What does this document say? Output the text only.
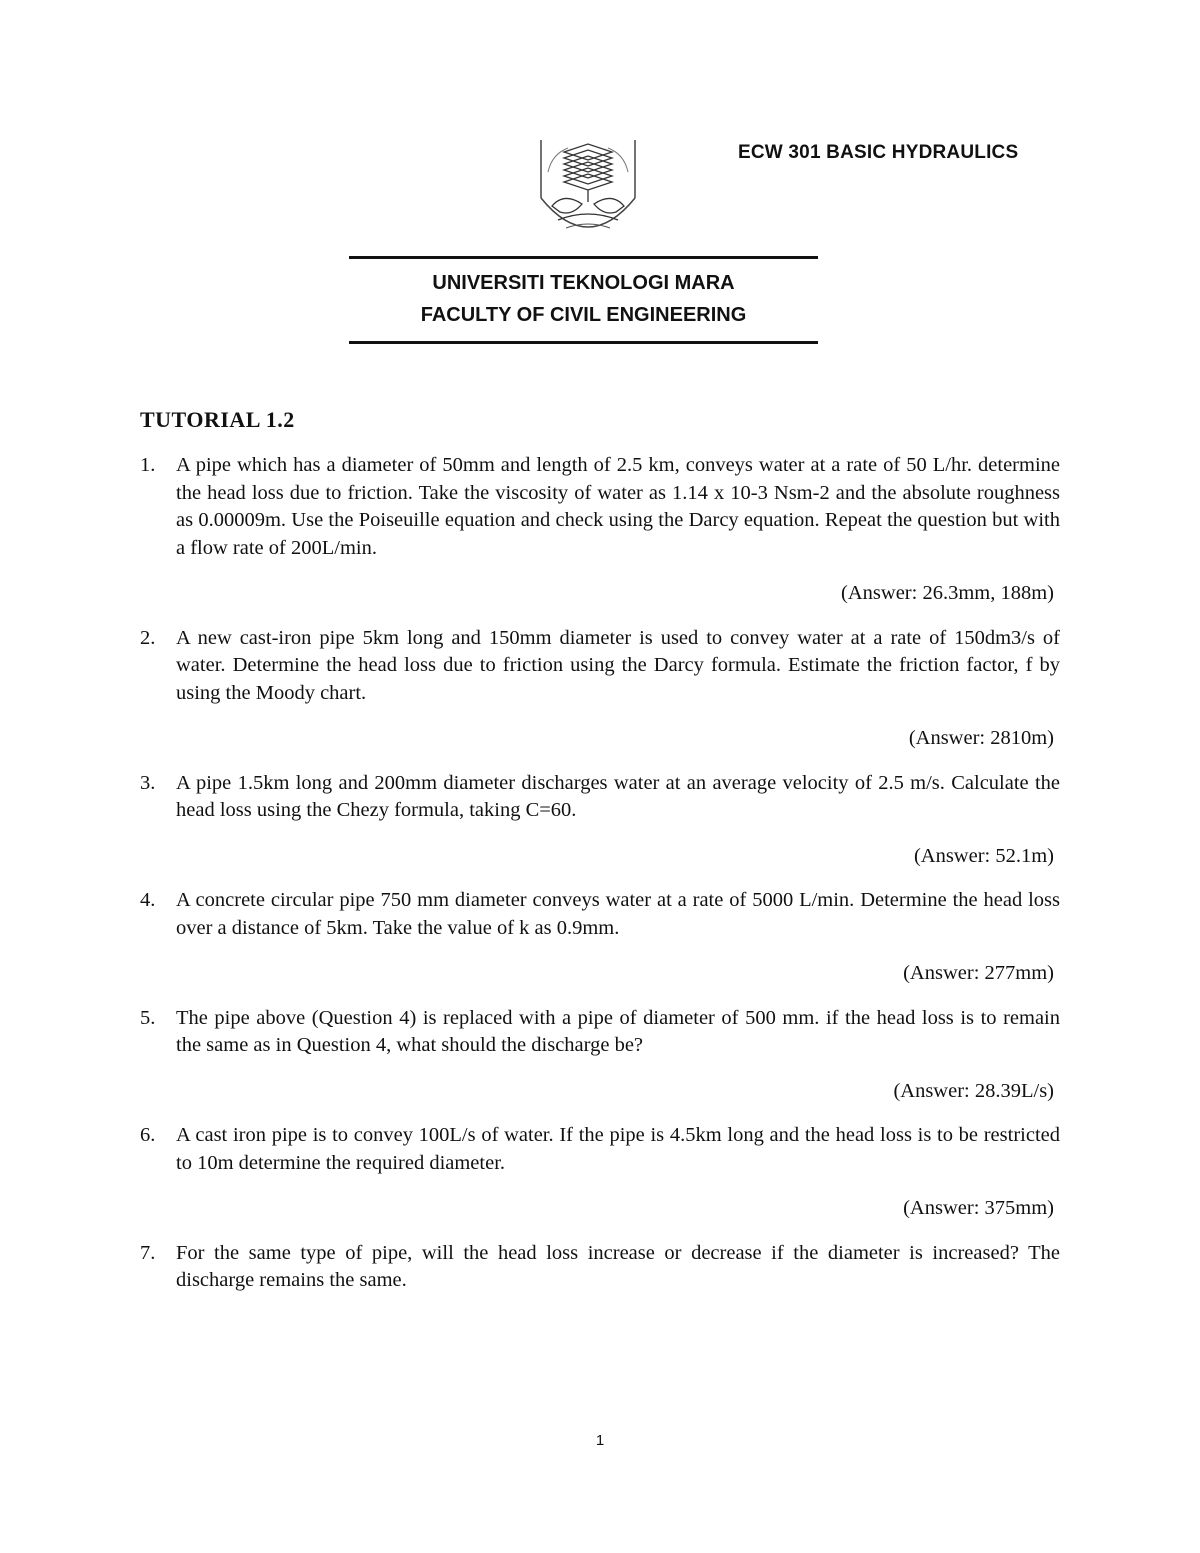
ECW 301 BASIC HYDRAULICS
UNIVERSITI TEKNOLOGI MARA
FACULTY OF CIVIL ENGINEERING
TUTORIAL 1.2
1.	A pipe which has a diameter of 50mm and length of 2.5 km, conveys water at a rate of 50 L/hr. determine the head loss due to friction. Take the viscosity of water as 1.14 x 10-3 Nsm-2 and the absolute roughness as 0.00009m. Use the Poiseuille equation and check using the Darcy equation. Repeat the question but with a flow rate of 200L/min.
(Answer: 26.3mm, 188m)
2.	A new cast-iron pipe 5km long and 150mm diameter is used to convey water at a rate of 150dm3/s of water. Determine the head loss due to friction using the Darcy formula. Estimate the friction factor, f by using the Moody chart.
(Answer: 2810m)
3.	A pipe 1.5km long and 200mm diameter discharges water at an average velocity of 2.5 m/s. Calculate the head loss using the Chezy formula, taking C=60.
(Answer: 52.1m)
4.	A concrete circular pipe 750 mm diameter conveys water at a rate of 5000 L/min. Determine the head loss over a distance of 5km. Take the value of k as 0.9mm.
(Answer: 277mm)
5.	The pipe above (Question 4) is replaced with a pipe of diameter of 500 mm. if the head loss is to remain the same as in Question 4, what should the discharge be?
(Answer: 28.39L/s)
6.	A cast iron pipe is to convey 100L/s of water. If the pipe is 4.5km long and the head loss is to be restricted to 10m determine the required diameter.
(Answer: 375mm)
7.	For the same type of pipe, will the head loss increase or decrease if the diameter is increased? The discharge remains the same.
1
